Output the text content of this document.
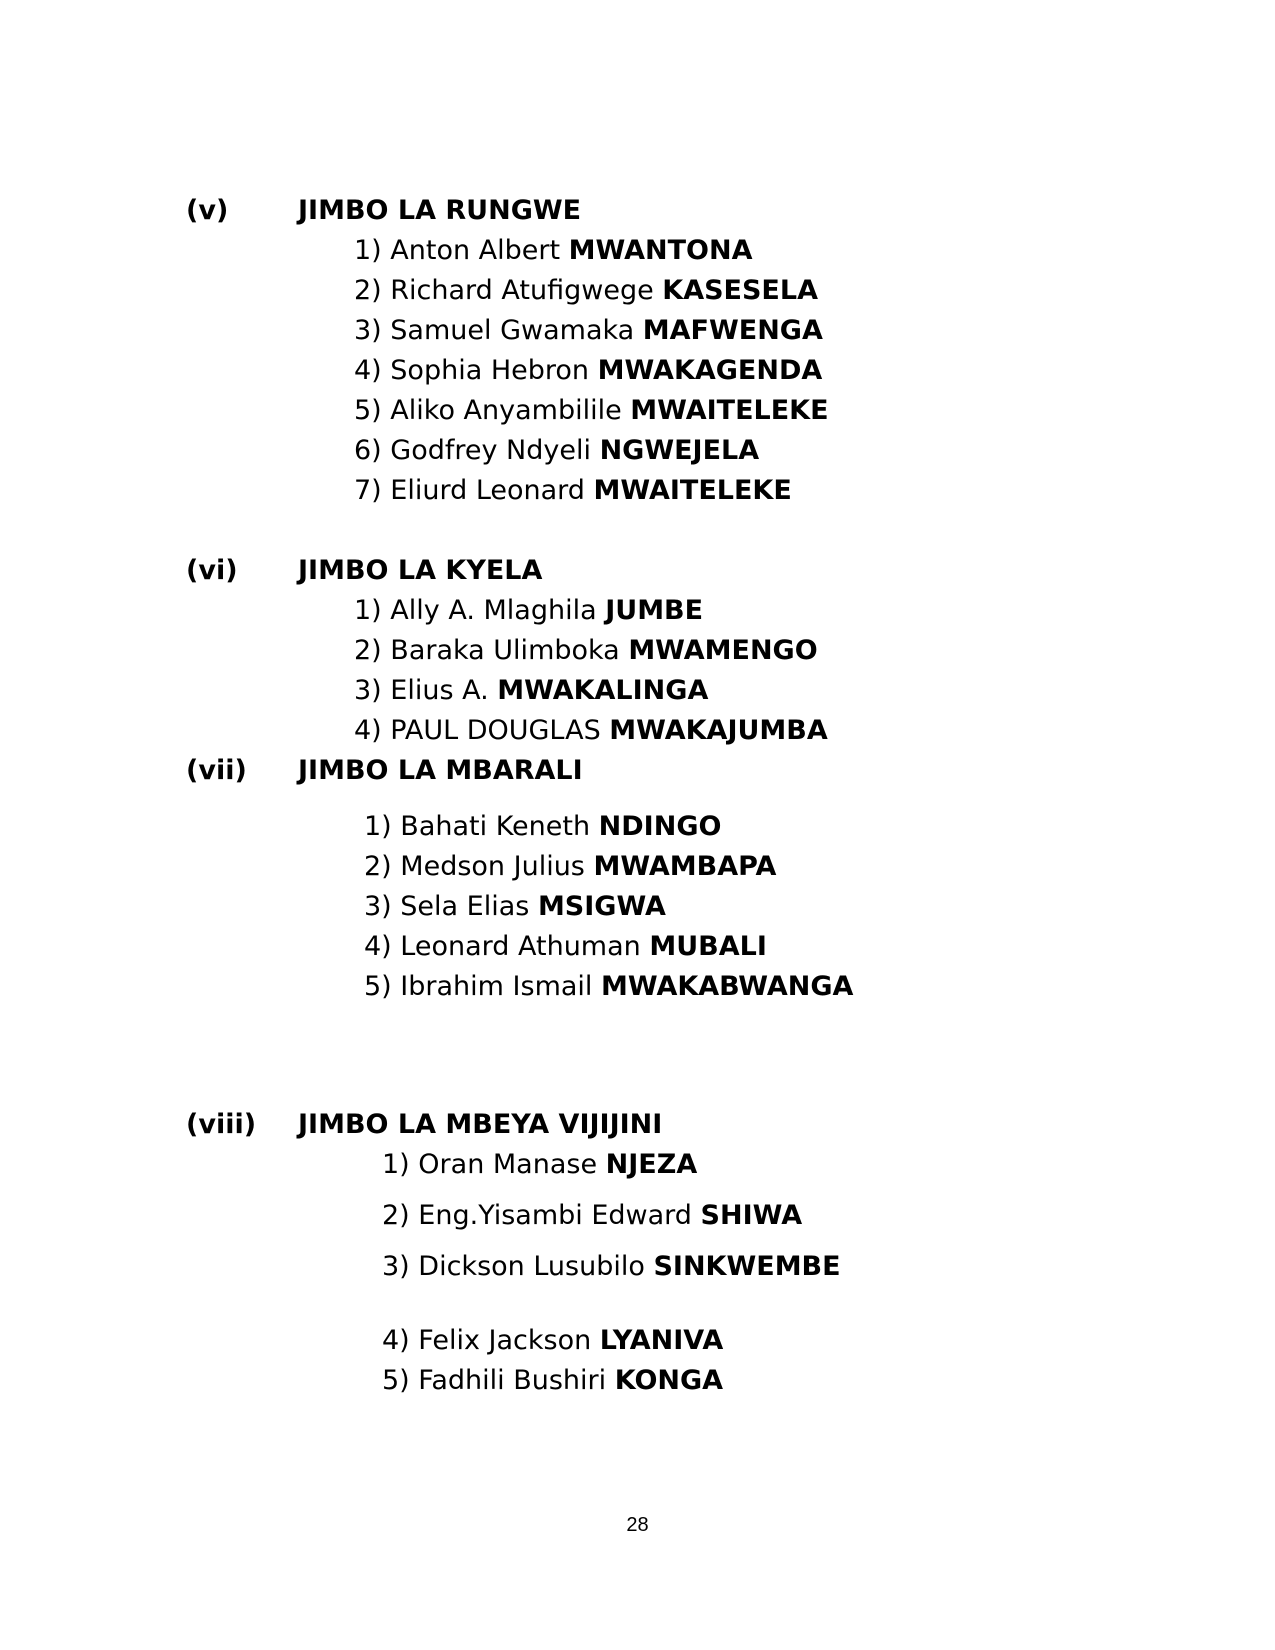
(v)	JIMBO LA RUNGWE
1) Anton Albert MWANTONA
2) Richard Atufigwege KASESELA
3) Samuel Gwamaka MAFWENGA
4) Sophia Hebron MWAKAGENDA
5) Aliko Anyambilile MWAITELEKE
6) Godfrey Ndyeli NGWEJELA
7) Eliurd Leonard MWAITELEKE
(vi) JIMBO LA KYELA
1) Ally A. Mlaghila JUMBE
2) Baraka Ulimboka MWAMENGO
3) Elius A. MWAKALINGA
4) PAUL DOUGLAS MWAKAJUMBA
(vii) JIMBO LA MBARALI
1) Bahati Keneth NDINGO
2) Medson Julius MWAMBAPA
3) Sela Elias MSIGWA
4) Leonard Athuman MUBALI
5) Ibrahim Ismail MWAKABWANGA
(viii) JIMBO LA MBEYA VIJIJINI
1) Oran Manase NJEZA
2) Eng.Yisambi Edward SHIWA
3) Dickson Lusubilo SINKWEMBE
4) Felix Jackson LYANIVA
5) Fadhili Bushiri KONGA
28
